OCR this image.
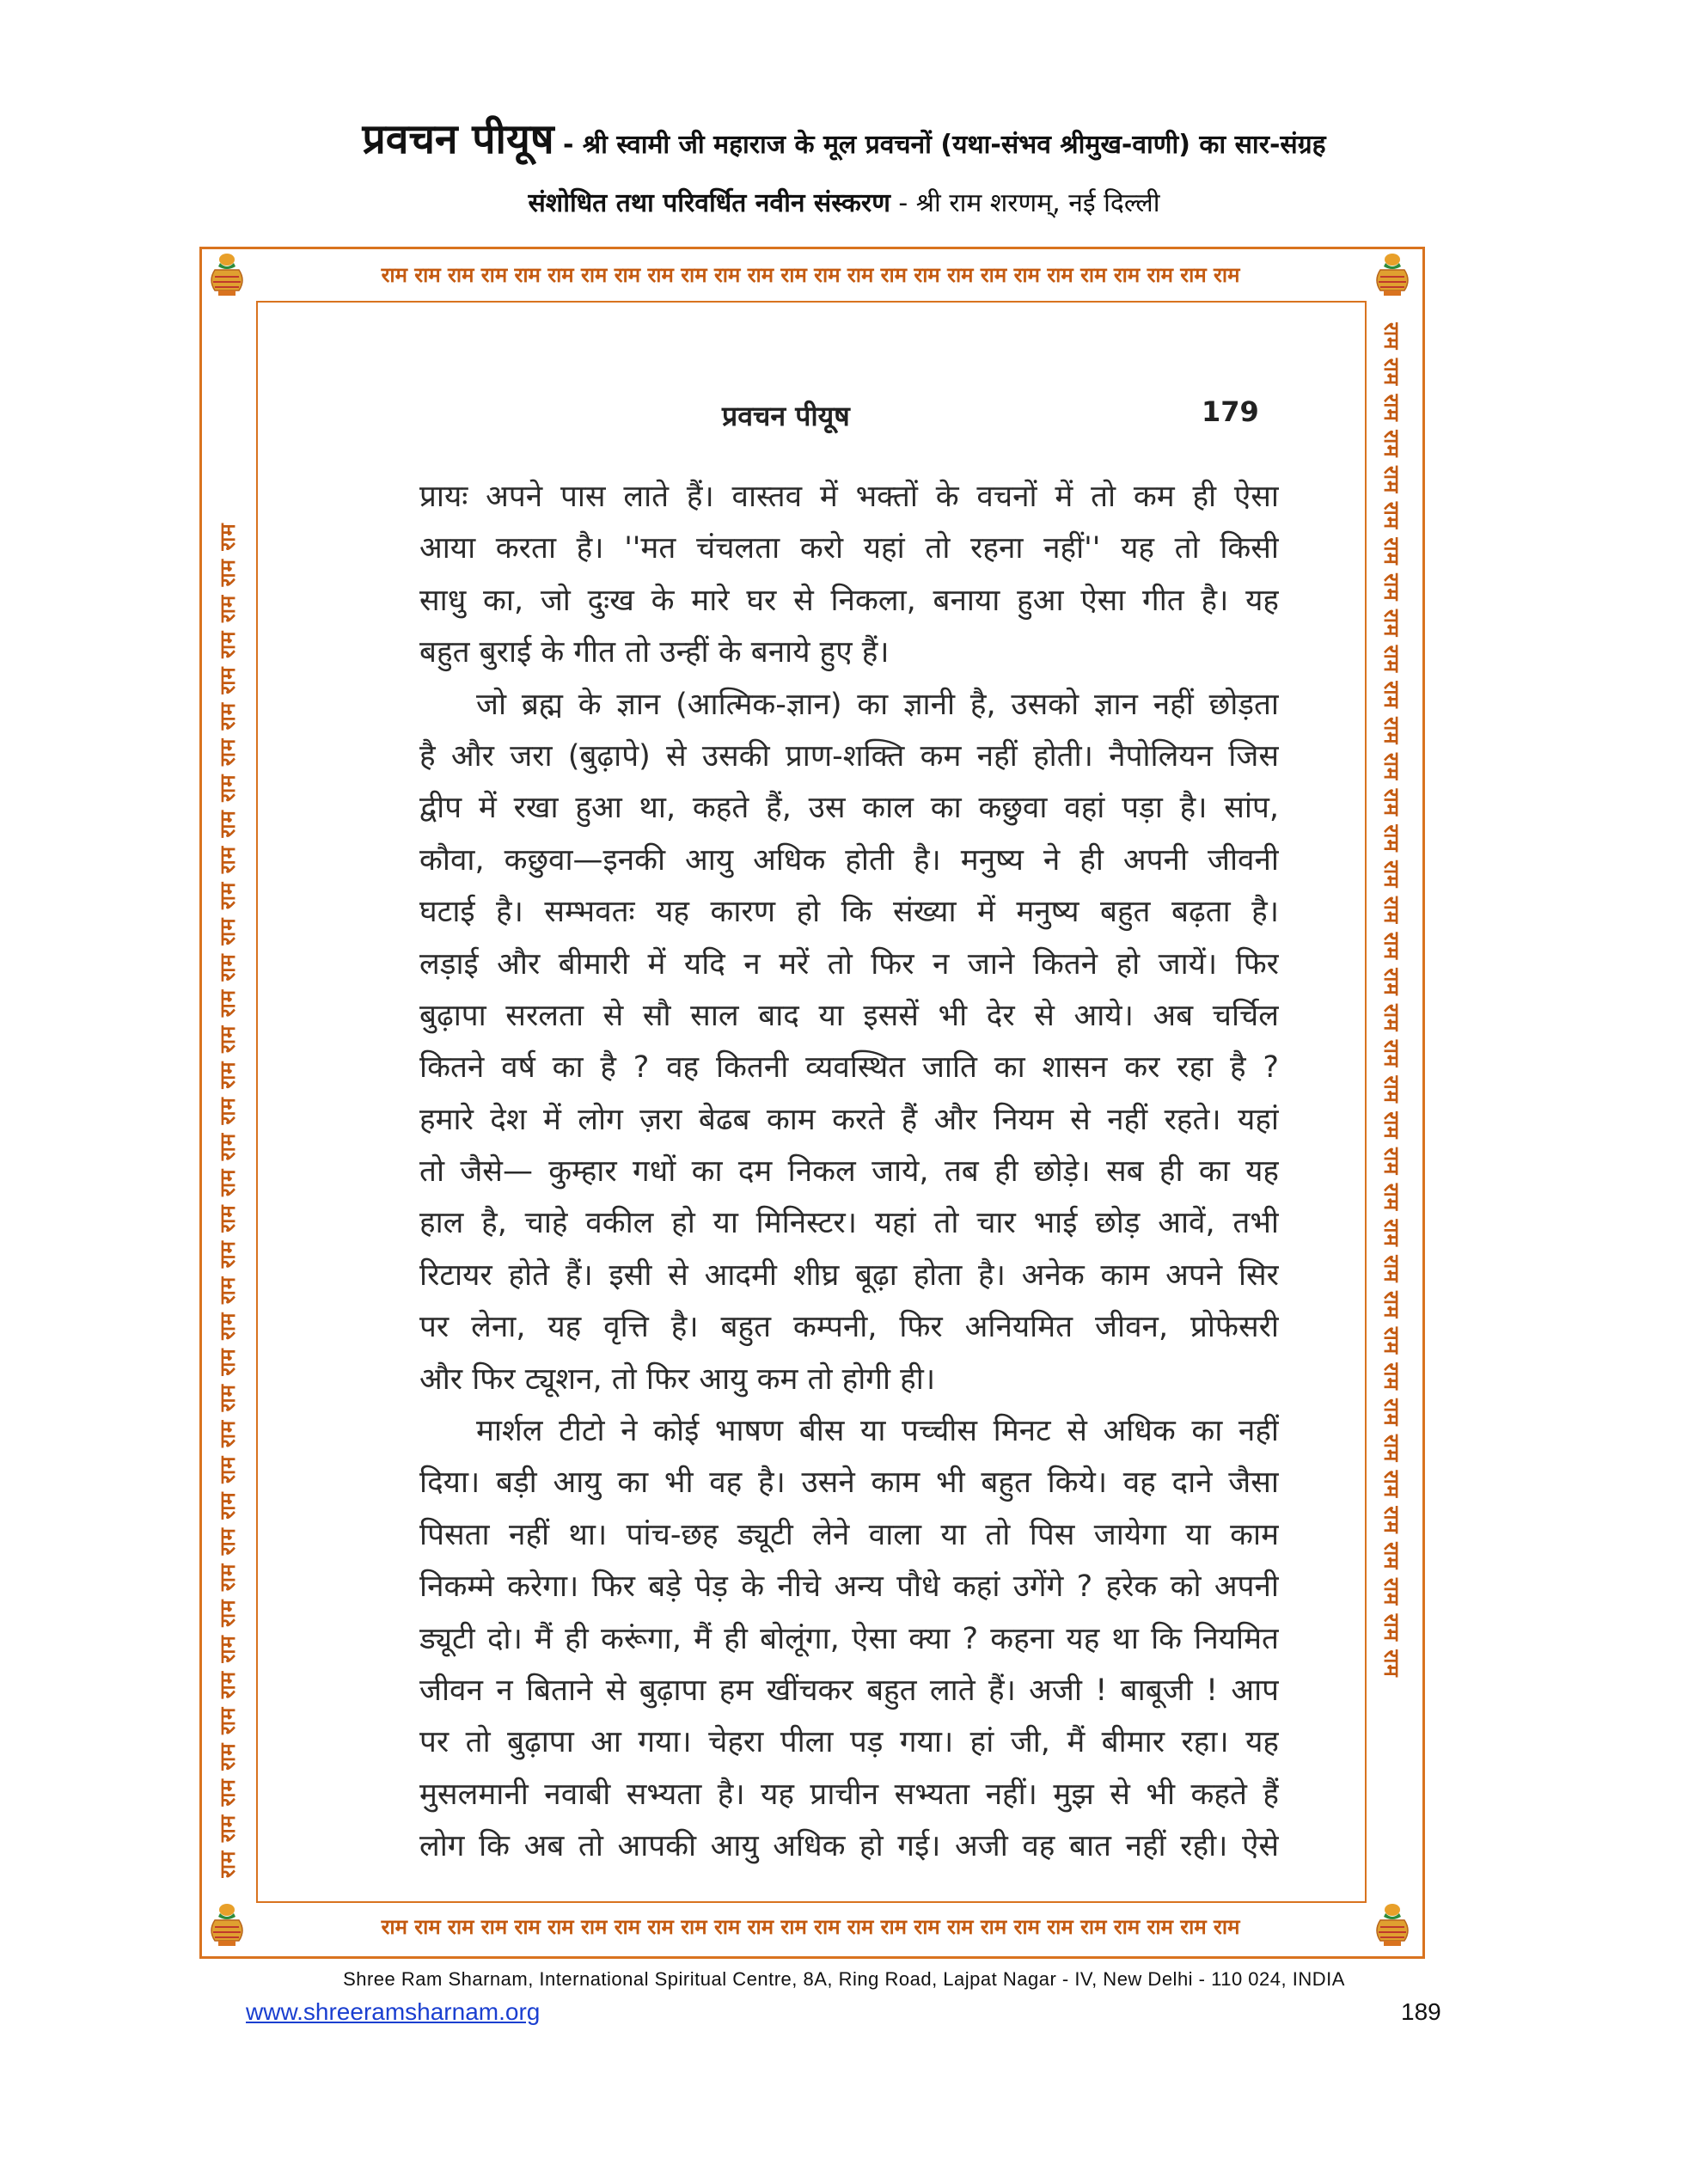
प्रवचन पीयूष - श्री स्वामी जी महाराज के मूल प्रवचनों (यथा-संभव श्रीमुख-वाणी) का सार-संग्रह
संशोधित तथा परिवर्धित नवीन संस्करण - श्री राम शरणम्, नई दिल्ली
राम राम राम राम राम राम राम राम राम राम राम राम राम राम राम राम राम राम राम राम राम राम राम राम राम राम
राम राम राम राम राम राम राम राम राम राम राम राम राम राम राम राम राम राम राम राम राम राम राम राम राम राम
राम राम राम राम राम राम राम राम राम राम राम राम राम राम राम राम राम राम राम राम राम राम राम राम राम राम राम राम राम राम राम राम राम राम राम राम राम राम	राम राम राम राम राम राम राम राम राम राम राम राम राम राम राम राम राम राम राम राम राम राम राम राम राम राम राम राम राम राम राम राम राम राम राम राम राम राम
प्रवचन पीयूष	179
प्रायः अपने पास लाते हैं। वास्तव में भक्तों के वचनों में तो कम ही ऐसा
आया करता है। ''मत चंचलता करो यहां तो रहना नहीं'' यह तो किसी
साधु का, जो दुःख के मारे घर से निकला, बनाया हुआ ऐसा गीत है। यह
बहुत बुराई के गीत तो उन्हीं के बनाये हुए हैं।
जो ब्रह्म के ज्ञान (आत्मिक-ज्ञान) का ज्ञानी है, उसको ज्ञान नहीं छोड़ता
है और जरा (बुढ़ापे) से उसकी प्राण-शक्ति कम नहीं होती। नैपोलियन जिस
द्वीप में रखा हुआ था, कहते हैं, उस काल का कछुवा वहां पड़ा है। सांप,
कौवा, कछुवा—इनकी आयु अधिक होती है। मनुष्य ने ही अपनी जीवनी
घटाई है। सम्भवतः यह कारण हो कि संख्या में मनुष्य बहुत बढ़ता है।
लड़ाई और बीमारी में यदि न मरें तो फिर न जाने कितने हो जायें। फिर
बुढ़ापा सरलता से सौ साल बाद या इससें भी देर से आये। अब चर्चिल
कितने वर्ष का है ? वह कितनी व्यवस्थित जाति का शासन कर रहा है ?
हमारे देश में लोग ज़रा बेढब काम करते हैं और नियम से नहीं रहते। यहां
तो जैसे— कुम्हार गधों का दम निकल जाये, तब ही छोड़े। सब ही का यह
हाल है, चाहे वकील हो या मिनिस्टर। यहां तो चार भाई छोड़ आवें, तभी
रिटायर होते हैं। इसी से आदमी शीघ्र बूढ़ा होता है। अनेक काम अपने सिर
पर लेना, यह वृत्ति है। बहुत कम्पनी, फिर अनियमित जीवन, प्रोफेसरी
और फिर ट्यूशन, तो फिर आयु कम तो होगी ही।
मार्शल टीटो ने कोई भाषण बीस या पच्चीस मिनट से अधिक का नहीं
दिया। बड़ी आयु का भी वह है। उसने काम भी बहुत किये। वह दाने जैसा
पिसता नहीं था। पांच-छह ड्यूटी लेने वाला या तो पिस जायेगा या काम
निकम्मे करेगा। फिर बड़े पेड़ के नीचे अन्य पौधे कहां उगेंगे ? हरेक को अपनी
ड्यूटी दो। मैं ही करूंगा, मैं ही बोलूंगा, ऐसा क्या ? कहना यह था कि नियमित
जीवन न बिताने से बुढ़ापा हम खींचकर बहुत लाते हैं। अजी ! बाबूजी ! आप
पर तो बुढ़ापा आ गया। चेहरा पीला पड़ गया। हां जी, मैं बीमार रहा। यह
मुसलमानी नवाबी सभ्यता है। यह प्राचीन सभ्यता नहीं। मुझ से भी कहते हैं
लोग कि अब तो आपकी आयु अधिक हो गई। अजी वह बात नहीं रही। ऐसे
Shree Ram Sharnam, International Spiritual Centre, 8A, Ring Road, Lajpat Nagar - IV, New Delhi - 110 024, INDIA
www.shreeramsharnam.org	189
